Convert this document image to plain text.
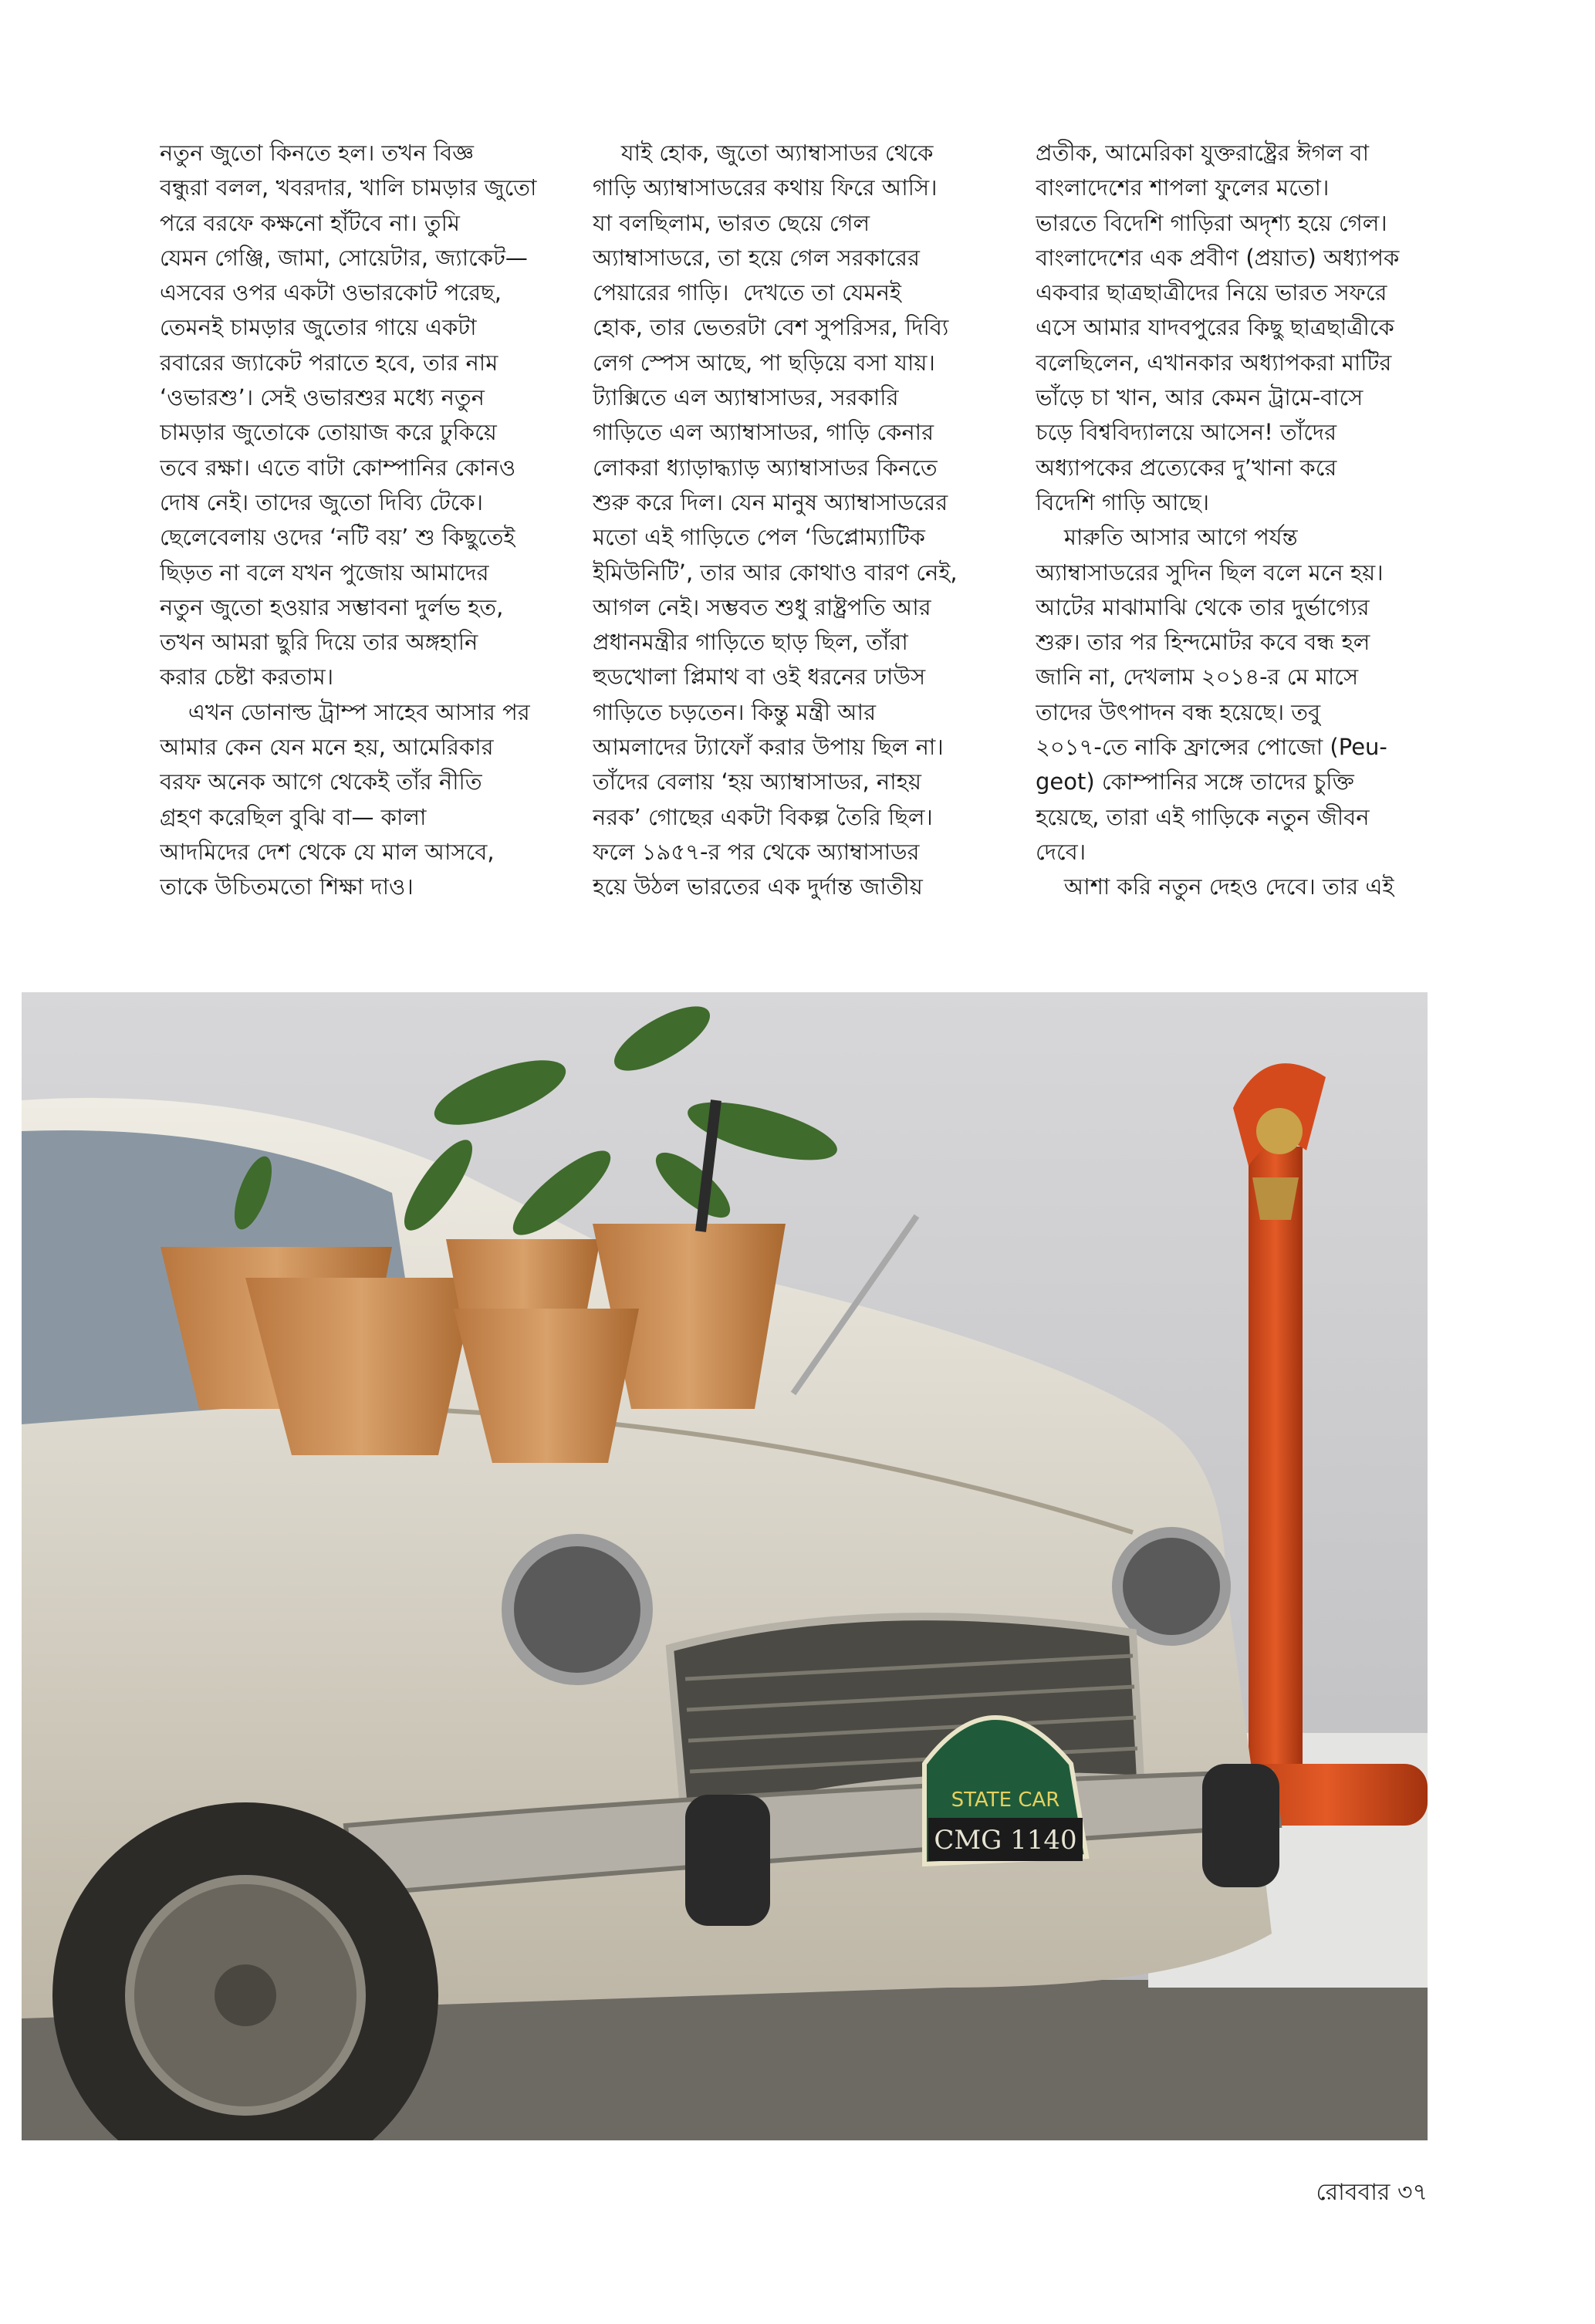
নতুন জুতো কিনতে হল। তখন বিজ্ঞ
বন্ধুরা বলল, খবরদার, খালি চামড়ার জুতো
পরে বরফে কক্ষনো হাঁটবে না। তুমি
যেমন গেঞ্জি, জামা, সোয়েটার, জ্যাকেট—
এসবের ওপর একটা ওভারকোট পরেছ,
তেমনই চামড়ার জুতোর গায়ে একটা
রবারের জ্যাকেট পরাতে হবে, তার নাম
‘ওভারশু’। সেই ওভারশুর মধ্যে নতুন
চামড়ার জুতোকে তোয়াজ করে ঢুকিয়ে
তবে রক্ষা। এতে বাটা কোম্পানির কোনও
দোষ নেই। তাদের জুতো দিব্যি টেকে।
ছেলেবেলায় ওদের ‘নটি বয়’ শু কিছুতেই
ছিড়ত না বলে যখন পুজোয় আমাদের
নতুন জুতো হওয়ার সম্ভাবনা দুর্লভ হত,
তখন আমরা ছুরি দিয়ে তার অঙ্গহানি
করার চেষ্টা করতাম।
এখন ডোনাল্ড ট্রাম্প সাহেব আসার পর
আমার কেন যেন মনে হয়, আমেরিকার
বরফ অনেক আগে থেকেই তাঁর নীতি
গ্রহণ করেছিল বুঝি বা— কালা
আদমিদের দেশ থেকে যে মাল আসবে,
তাকে উচিতমতো শিক্ষা দাও।
যাই হোক, জুতো অ্যাম্বাসাডর থেকে
গাড়ি অ্যাম্বাসাডরের কথায় ফিরে আসি।
যা বলছিলাম, ভারত ছেয়ে গেল
অ্যাম্বাসাডরে, তা হয়ে গেল সরকারের
পেয়ারের গাড়ি।  দেখতে তা যেমনই
হোক, তার ভেতরটা বেশ সুপরিসর, দিব্যি
লেগ স্পেস আছে, পা ছড়িয়ে বসা যায়।
ট্যাক্সিতে এল অ্যাম্বাসাডর, সরকারি
গাড়িতে এল অ্যাম্বাসাডর, গাড়ি কেনার
লোকরা ধ্যাড়াদ্ধ্যাড় অ্যাম্বাসাডর কিনতে
শুরু করে দিল। যেন মানুষ অ্যাম্বাসাডরের
মতো এই গাড়িতে পেল ‘ডিপ্লোম্যাটিক
ইমিউনিটি’, তার আর কোথাও বারণ নেই,
আগল নেই। সম্ভবত শুধু রাষ্ট্রপতি আর
প্রধানমন্ত্রীর গাড়িতে ছাড় ছিল, তাঁরা
হুডখোলা প্লিমাথ বা ওই ধরনের ঢাউস
গাড়িতে চড়তেন। কিন্তু মন্ত্রী আর
আমলাদের ট্যাফোঁ করার উপায় ছিল না।
তাঁদের বেলায় ‘হয় অ্যাম্বাসাডর, নাহয়
নরক’ গোছের একটা বিকল্প তৈরি ছিল।
ফলে ১৯৫৭-র পর থেকে অ্যাম্বাসাডর
হয়ে উঠল ভারতের এক দুর্দান্ত জাতীয়
প্রতীক, আমেরিকা যুক্তরাষ্ট্রের ঈগল বা
বাংলাদেশের শাপলা ফুলের মতো।
ভারতে বিদেশি গাড়িরা অদৃশ্য হয়ে গেল।
বাংলাদেশের এক প্রবীণ (প্রয়াত) অধ্যাপক
একবার ছাত্রছাত্রীদের নিয়ে ভারত সফরে
এসে আমার যাদবপুরের কিছু ছাত্রছাত্রীকে
বলেছিলেন, এখানকার অধ্যাপকরা মাটির
ভাঁড়ে চা খান, আর কেমন ট্রামে-বাসে
চড়ে বিশ্ববিদ্যালয়ে আসেন! তাঁদের
অধ্যাপকের প্রত্যেকের দু’খানা করে
বিদেশি গাড়ি আছে।
মারুতি আসার আগে পর্যন্ত
অ্যাম্বাসাডরের সুদিন ছিল বলে মনে হয়।
আটের মাঝামাঝি থেকে তার দুর্ভাগ্যের
শুরু। তার পর হিন্দমোটর কবে বন্ধ হল
জানি না, দেখলাম ২০১৪-র মে মাসে
তাদের উৎপাদন বন্ধ হয়েছে। তবু
২০১৭-তে নাকি ফ্রান্সের পোজো (Peu-
geot) কোম্পানির সঙ্গে তাদের চুক্তি
হয়েছে, তারা এই গাড়িকে নতুন জীবন
দেবে।
আশা করি নতুন দেহও দেবে। তার এই
STATE CAR
CMG 1140
রোববার ৩৭
